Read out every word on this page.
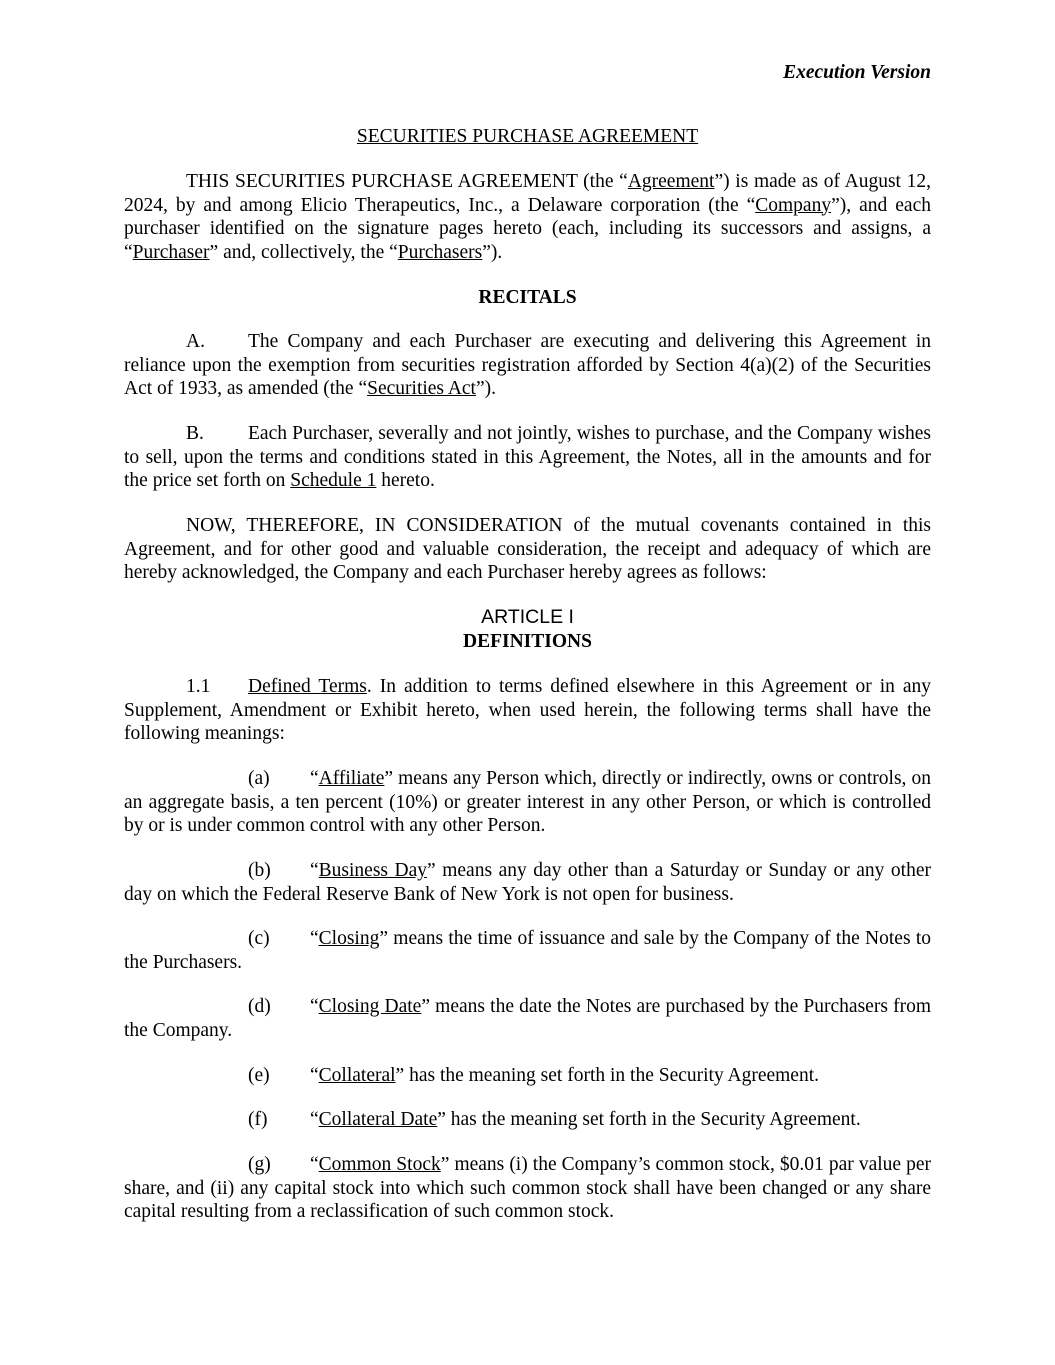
Execution Version
SECURITIES PURCHASE AGREEMENT

THIS SECURITIES PURCHASE AGREEMENT (the “Agreement”) is made as of August 12, 2024, by and among Elicio Therapeutics, Inc., a Delaware corporation (the “Company”), and each purchaser identified on the signature pages hereto (each, including its successors and assigns, a “Purchaser” and, collectively, the “Purchasers”).

RECITALS

A. The Company and each Purchaser are executing and delivering this Agreement in reliance upon the exemption from securities registration afforded by Section 4(a)(2) of the Securities Act of 1933, as amended (the “Securities Act”).

B. Each Purchaser, severally and not jointly, wishes to purchase, and the Company wishes to sell, upon the terms and conditions stated in this Agreement, the Notes, all in the amounts and for the price set forth on Schedule 1 hereto.

NOW, THEREFORE, IN CONSIDERATION of the mutual covenants contained in this Agreement, and for other good and valuable consideration, the receipt and adequacy of which are hereby acknowledged, the Company and each Purchaser hereby agrees as follows:

ARTICLE I
DEFINITIONS

1.1 Defined Terms. In addition to terms defined elsewhere in this Agreement or in any Supplement, Amendment or Exhibit hereto, when used herein, the following terms shall have the following meanings:

(a) “Affiliate” means any Person which, directly or indirectly, owns or controls, on an aggregate basis, a ten percent (10%) or greater interest in any other Person, or which is controlled by or is under common control with any other Person.

(b) “Business Day” means any day other than a Saturday or Sunday or any other day on which the Federal Reserve Bank of New York is not open for business.

(c) “Closing” means the time of issuance and sale by the Company of the Notes to the Purchasers.

(d) “Closing Date” means the date the Notes are purchased by the Purchasers from the Company.

(e) “Collateral” has the meaning set forth in the Security Agreement.

(f) “Collateral Date” has the meaning set forth in the Security Agreement.

(g) “Common Stock” means (i) the Company’s common stock, $0.01 par value per share, and (ii) any capital stock into which such common stock shall have been changed or any share capital resulting from a reclassification of such common stock.
